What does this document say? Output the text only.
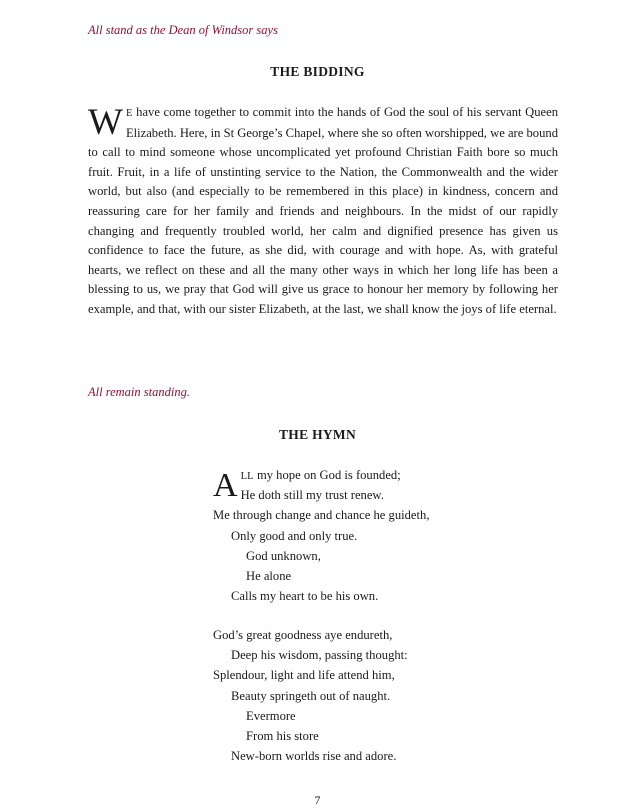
All stand as the Dean of Windsor says

THE BIDDING

W E have come together to commit into the hands of God the soul of his servant Queen Elizabeth. Here, in St George’s Chapel, where she so often worshipped, we are bound to call to mind someone whose uncomplicated yet profound Christian Faith bore so much fruit. Fruit, in a life of unstinting service to the Nation, the Commonwealth and the wider world, but also (and especially to be remembered in this place) in kindness, concern and reassuring care for her family and friends and neighbours. In the midst of our rapidly changing and frequently troubled world, her calm and dignified presence has given us confidence to face the future, as she did, with courage and with hope. As, with grateful hearts, we reflect on these and all the many other ways in which her long life has been a blessing to us, we pray that God will give us grace to honour her memory by following her example, and that, with our sister Elizabeth, at the last, we shall know the joys of life eternal.

All remain standing.

THE HYMN
A LL my hope on God is founded;
He doth still my trust renew.
Me through change and chance he guideth,
Only good and only true.
God unknown,
He alone
Calls my heart to be his own.
God’s great goodness aye endureth,
Deep his wisdom, passing thought:
Splendour, light and life attend him,
Beauty springeth out of naught.
Evermore
From his store
New-born worlds rise and adore.

7
